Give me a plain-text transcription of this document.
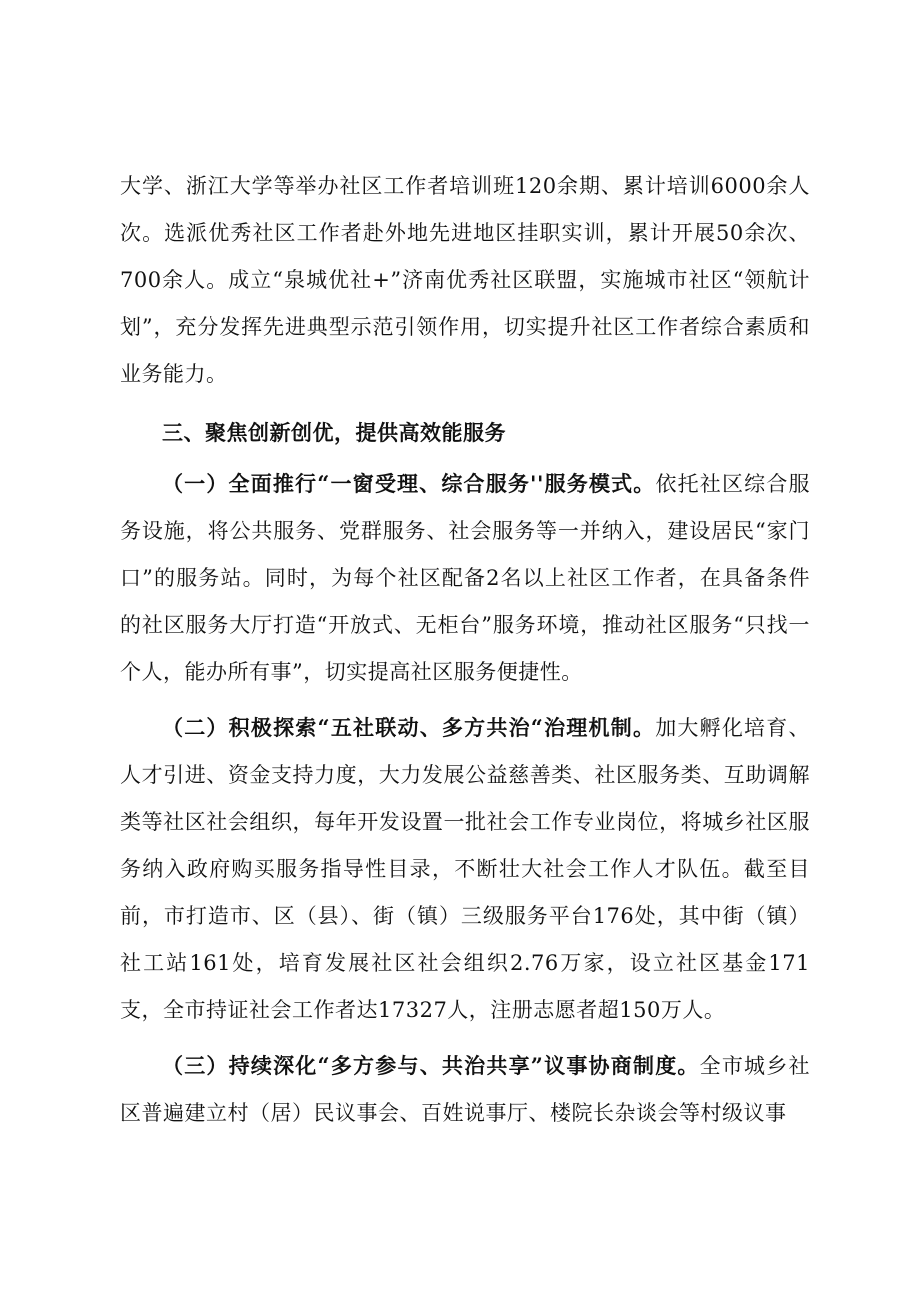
大学、浙江大学等举办社区工作者培训班120余期、累计培训6000余人次。选派优秀社区工作者赴外地先进地区挂职实训，累计开展50余次、700余人。成立“泉城优社+”济南优秀社区联盟，实施城市社区“领航计划”，充分发挥先进典型示范引领作用，切实提升社区工作者综合素质和业务能力。

三、聚焦创新创优，提供高效能服务

（一）全面推行“一窗受理、综合服务''服务模式。依托社区综合服务设施，将公共服务、党群服务、社会服务等一并纳入，建设居民“家门口”的服务站。同时，为每个社区配备2名以上社区工作者，在具备条件的社区服务大厅打造“开放式、无柜台”服务环境，推动社区服务“只找一个人，能办所有事”，切实提高社区服务便捷性。

（二）积极探索“五社联动、多方共治“治理机制。加大孵化培育、人才引进、资金支持力度，大力发展公益慈善类、社区服务类、互助调解类等社区社会组织，每年开发设置一批社会工作专业岗位，将城乡社区服务纳入政府购买服务指导性目录，不断壮大社会工作人才队伍。截至目前，市打造市、区（县）、街（镇）三级服务平台176处，其中街（镇）社工站161处，培育发展社区社会组织2.76万家，设立社区基金171支，全市持证社会工作者达17327人，注册志愿者超150万人。

（三）持续深化“多方参与、共治共享”议事协商制度。全市城乡社区普遍建立村（居）民议事会、百姓说事厅、楼院长杂谈会等村级议事
